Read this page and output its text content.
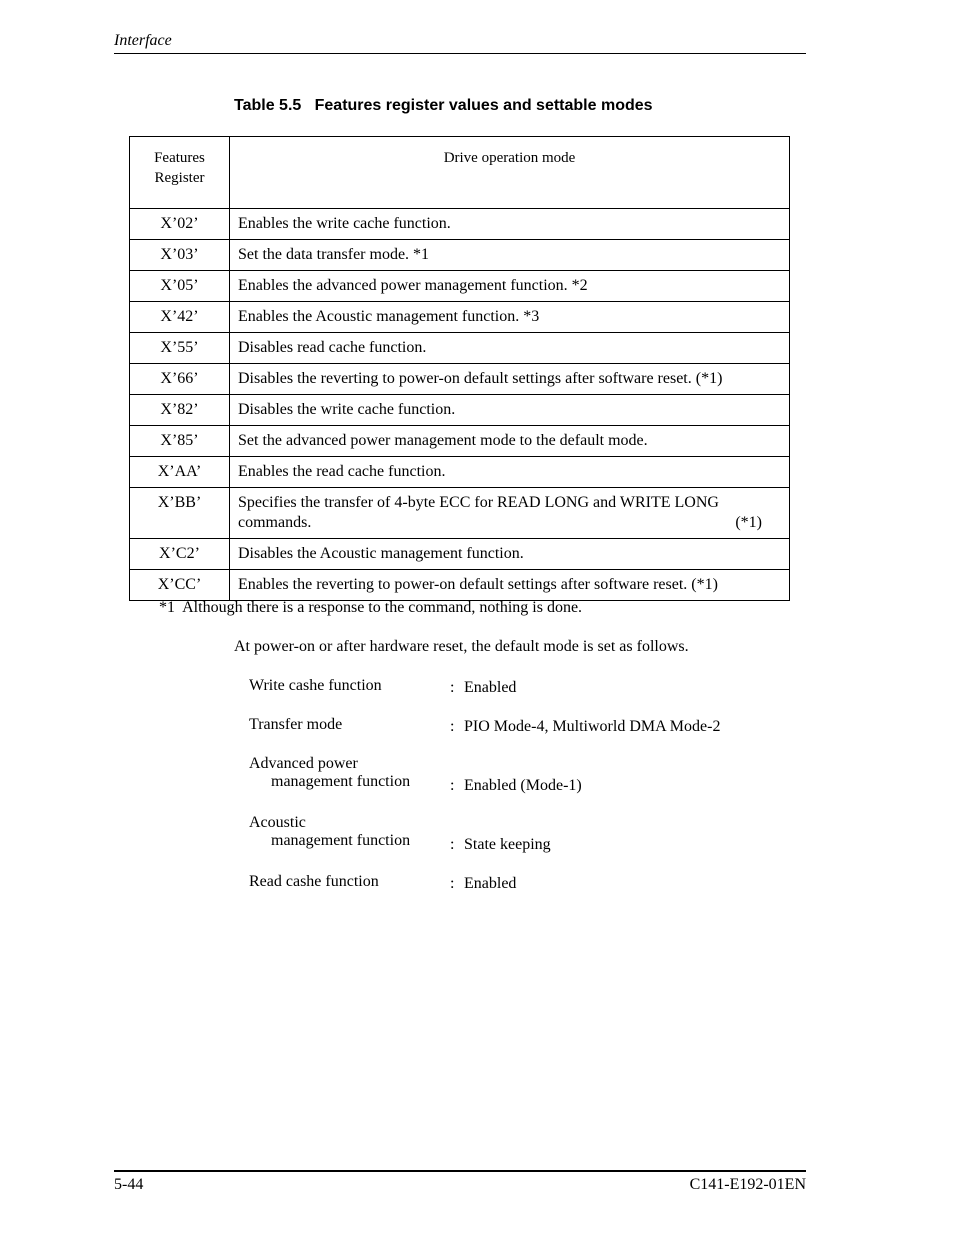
Interface
Table 5.5   Features register values and settable modes
Features Register	Drive operation mode
X’02’	Enables the write cache function.
X’03’	Set the data transfer mode. *1
X’05’	Enables the advanced power management function. *2
X’42’	Enables the Acoustic management function. *3
X’55’	Disables read cache function.
X’66’	Disables the reverting to power-on default settings after software reset. (*1)
X’82’	Disables the write cache function.
X’85’	Set the advanced power management mode to the default mode.
X’AA’	Enables the read cache function.
X’BB’	Specifies the transfer of 4-byte ECC for READ LONG and WRITE LONG
commands. (*1)

X’C2’	Disables the Acoustic management function.
X’CC’	Enables the reverting to power-on default settings after software reset. (*1)
*1  Although there is a response to the command, nothing is done.
At power-on or after hardware reset, the default mode is set as follows.
Write cashe function	: Enabled
Transfer mode	: PIO Mode-4, Multiworld DMA Mode-2
Advanced power
management function	: Enabled (Mode-1)
Acoustic
management function	: State keeping
Read cashe function	: Enabled
5-44	C141-E192-01EN
